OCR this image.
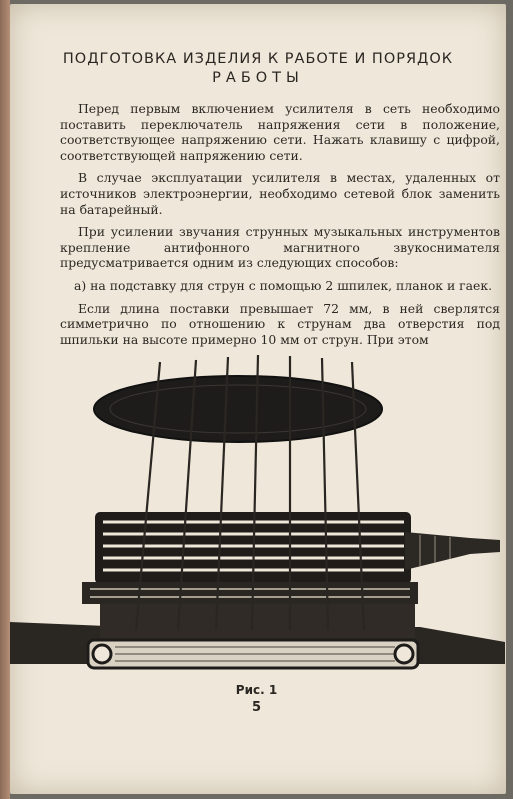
ПОДГОТОВКА ИЗДЕЛИЯ К РАБОТЕ И ПОРЯДОК
РАБОТЫ

Перед первым включением усилителя в сеть необходимо поставить переключатель напряжения сети в положение, соответствующее напряжению сети. Нажать клавишу с цифрой, соответствующей напряжению сети.

В случае эксплуатации усилителя в местах, удаленных от источников электроэнергии, необходимо сетевой блок заменить на батарейный.

При усилении звучания струнных музыкальных инструментов крепление антифонного магнитного звукоснимателя предусматривается одним из следующих способов:

а) на подставку для струн с помощью 2 шпилек, планок и гаек.

Если длина поставки превышает 72 мм, в ней сверлятся симметрично по отношению к струнам два отверстия под шпильки на высоте примерно 10 мм от струн. При этом

Рис. 1
5
